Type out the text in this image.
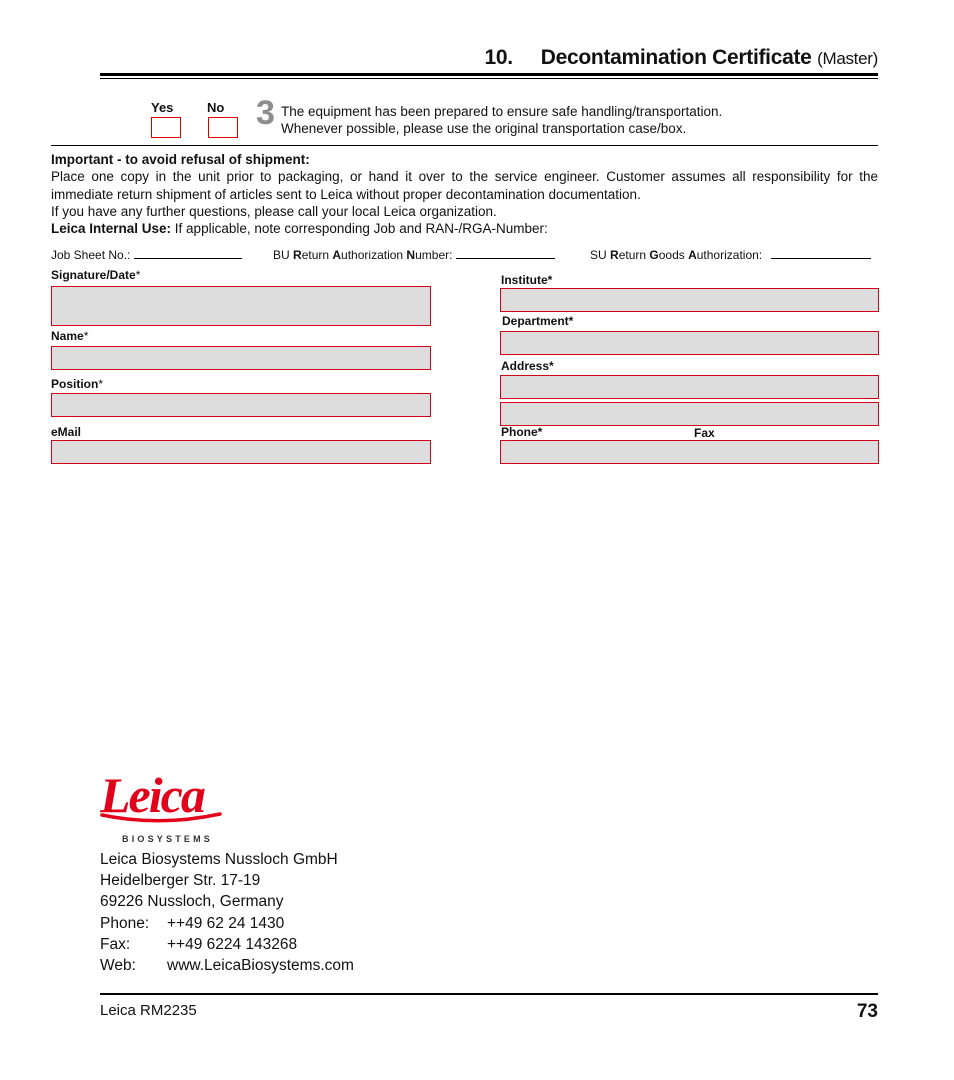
10. Decontamination Certificate (Master)
Yes	No 3 The equipment has been prepared to ensure safe handling/transportation.
Whenever possible, please use the original transportation case/box.

Important - to avoid refusal of shipment:

Place one copy in the unit prior to packaging, or hand it over to the service engineer. Customer assumes all responsibility for the immediate return shipment of articles sent to Leica without proper decontamination documentation.

If you have any further questions, please call your local Leica organization.

Leica Internal Use: If applicable, note corresponding Job and RAN-/RGA-Number:

Job Sheet No.:	BU Return Authorization Number:	SU Return Goods Authorization:
Signature/Date*
Name*
Position*
eMail
Institute*
Department*
Address*
Phone*	Fax
Leica
BIOSYSTEMS
Leica Biosystems Nussloch GmbH
Heidelberger Str. 17-19
69226 Nussloch, Germany
Phone: ++49 62 24 1430
Fax: ++49 6224 143268
Web: www.LeicaBiosystems.com
Leica RM2235	73
